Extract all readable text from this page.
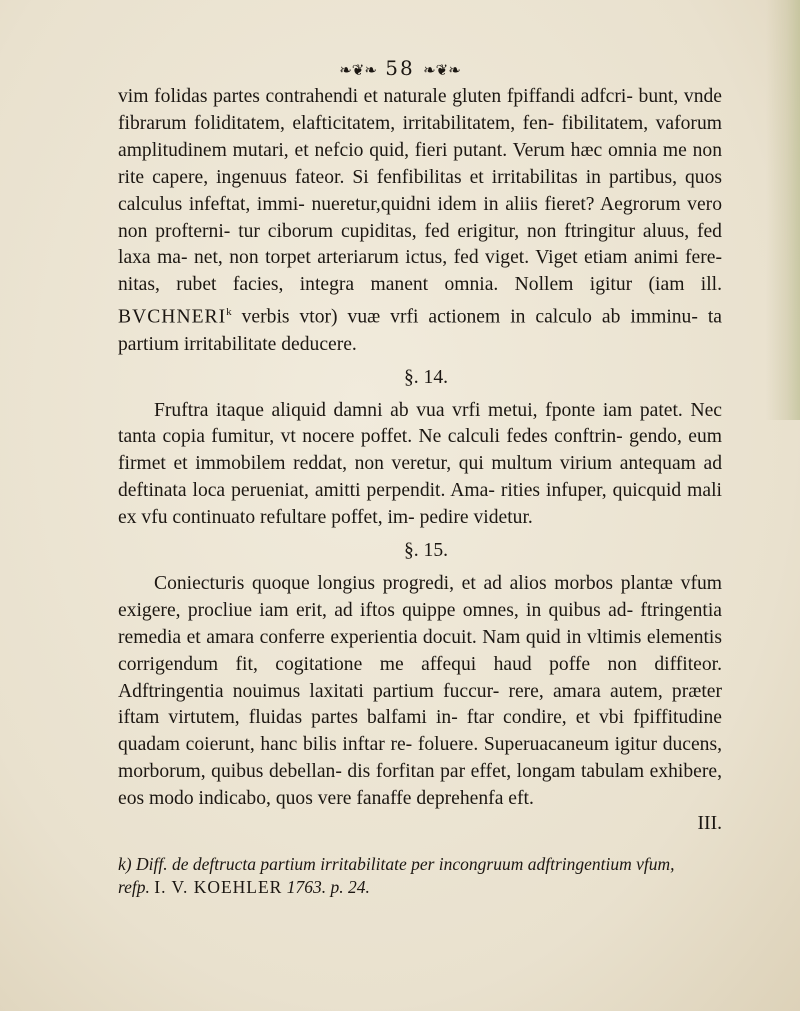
❧❦❧ 58 ❧❦❧

vim folidas partes contrahendi et naturale gluten fpiffandi adfcri- bunt, vnde fibrarum foliditatem, elafticitatem, irritabilitatem, fen- fibilitatem, vaforum amplitudinem mutari, et nefcio quid, fieri putant. Verum hæc omnia me non rite capere, ingenuus fateor. Si fenfibilitas et irritabilitas in partibus, quos calculus infeftat, immi- nueretur,quidni idem in aliis fieret? Aegrorum vero non profterni- tur ciborum cupiditas, fed erigitur, non ftringitur aluus, fed laxa ma- net, non torpet arteriarum ictus, fed viget. Viget etiam animi fere- nitas, rubet facies, integra manent omnia. Nollem igitur (iam ill. BVCHNERI$^k$ verbis vtor) vuæ vrfi actionem in calculo ab imminu- ta partium irritabilitate deducere.

§. 14.

Fruftra itaque aliquid damni ab vua vrfi metui, fponte iam patet. Nec tanta copia fumitur, vt nocere poffet. Ne calculi fedes conftrin- gendo, eum firmet et immobilem reddat, non veretur, qui multum virium antequam ad deftinata loca perueniat, amitti perpendit. Ama- rities infuper, quicquid mali ex vfu continuato refultare poffet, im- pedire videtur.

§. 15.

Coniecturis quoque longius progredi, et ad alios morbos plantæ vfum exigere, procliue iam erit, ad iftos quippe omnes, in quibus ad- ftringentia remedia et amara conferre experientia docuit. Nam quid in vltimis elementis corrigendum fit, cogitatione me affequi haud poffe non diffiteor. Adftringentia nouimus laxitati partium fuccur- rere, amara autem, præter iftam virtutem, fluidas partes balfami in- ftar condire, et vbi fpiffitudine quadam coierunt, hanc bilis inftar re- foluere. Superuacaneum igitur ducens, morborum, quibus debellan- dis forfitan par effet, longam tabulam exhibere, eos modo indicabo, quos vere fanaffe deprehenfa eft.

III.

k) Diff. de deftructa partium irritabilitate per incongruum adftringentium vfum,
refp. I. V. KOEHLER 1763. p. 24.
